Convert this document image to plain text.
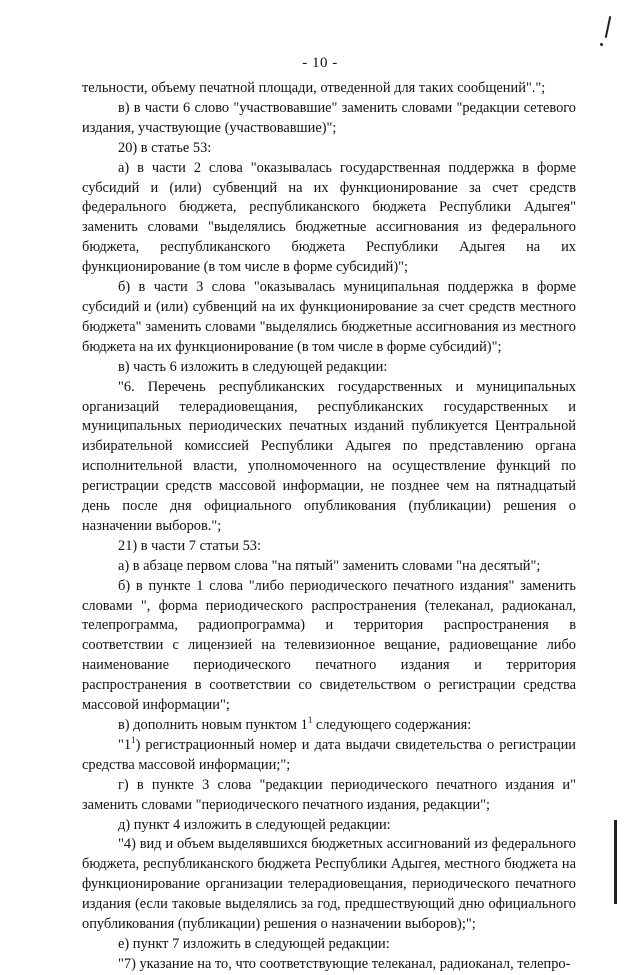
- 10 -

тельности, объему печатной площади, отведенной для таких сообщений".";

в) в части 6 слово "участвовавшие" заменить словами "редакции сетевого издания, участвующие (участвовавшие)";

20) в статье 53:

а) в части 2 слова "оказывалась государственная поддержка в форме субсидий и (или) субвенций на их функционирование за счет средств федерального бюджета, республиканского бюджета Республики Адыгея" заменить словами "выделялись бюджетные ассигнования из федерального бюджета, республиканского бюджета Республики Адыгея на их функционирование (в том числе в форме субсидий)";

б) в части 3 слова "оказывалась муниципальная поддержка в форме субсидий и (или) субвенций на их функционирование за счет средств местного бюджета" заменить словами "выделялись бюджетные ассигнования из местного бюджета на их функционирование (в том числе в форме субсидий)";

в) часть 6 изложить в следующей редакции:

"6. Перечень республиканских государственных и муниципальных организаций телерадиовещания, республиканских государственных и муниципальных периодических печатных изданий публикуется Центральной избирательной комиссией Республики Адыгея по представлению органа исполнительной власти, уполномоченного на осуществление функций по регистрации средств массовой информации, не позднее чем на пятнадцатый день после дня официального опубликования (публикации) решения о назначении выборов.";

21) в части 7 статьи 53:

а) в абзаце первом слова "на пятый" заменить словами "на десятый";

б) в пункте 1 слова "либо периодического печатного издания" заменить словами ", форма периодического распространения (телеканал, радиоканал, телепрограмма, радиопрограмма) и территория распространения в соответствии с лицензией на телевизионное вещание, радиовещание либо наименование периодического печатного издания и территория распространения в соответствии со свидетельством о регистрации средства массовой информации";

в) дополнить новым пунктом $1^1$ следующего содержания:

"$1^1$) регистрационный номер и дата выдачи свидетельства о регистрации средства массовой информации;";

г) в пункте 3 слова "редакции периодического печатного издания и" заменить словами "периодического печатного издания, редакции";

д) пункт 4 изложить в следующей редакции:

"4) вид и объем выделявшихся бюджетных ассигнований из федерального бюджета, республиканского бюджета Республики Адыгея, местного бюджета на функционирование организации телерадиовещания, периодического печатного издания (если таковые выделялись за год, предшествующий дню официального опубликования (публикации) решения о назначении выборов);";

е) пункт 7 изложить в следующей редакции:

"7) указание на то, что соответствующие телеканал, радиоканал, телепро-
